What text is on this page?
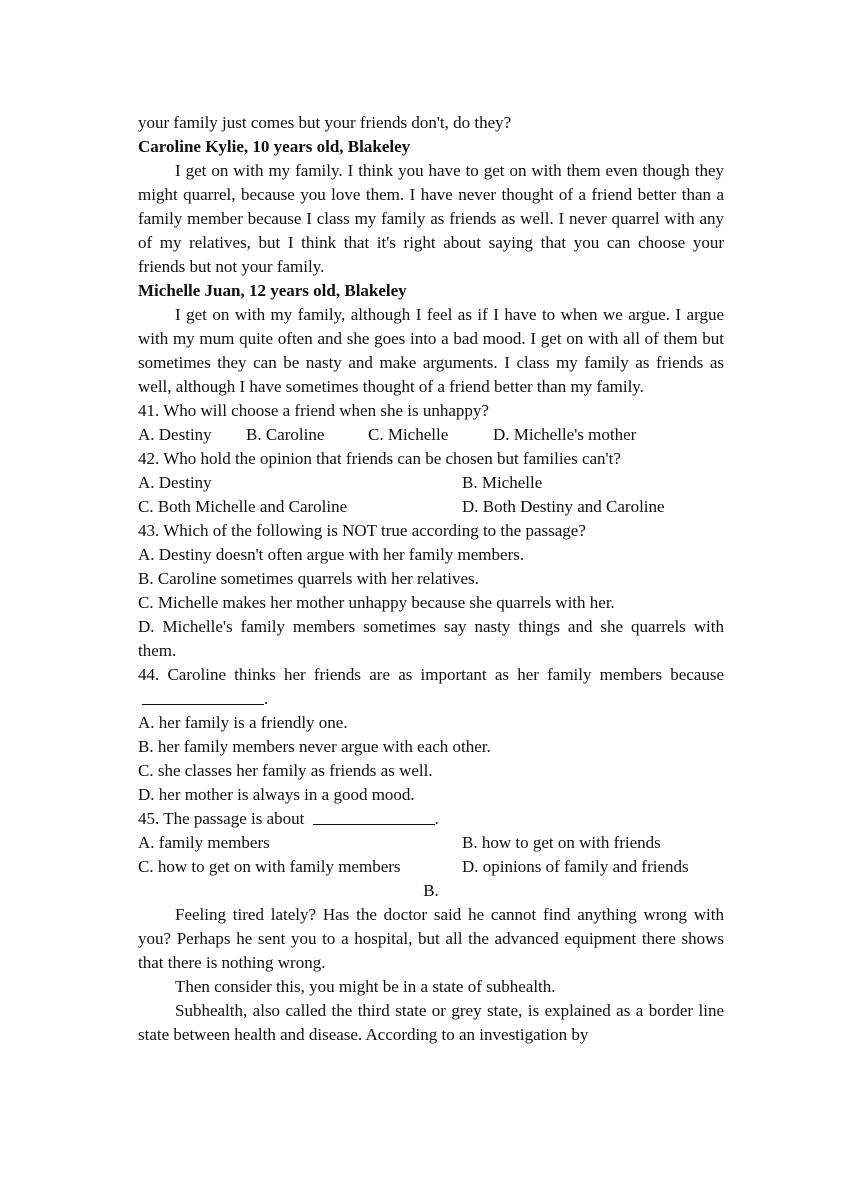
your family just comes but your friends don't, do they?
Caroline Kylie, 10 years old, Blakeley
I get on with my family. I think you have to get on with them even though they might quarrel, because you love them. I have never thought of a friend better than a family member because I class my family as friends as well. I never quarrel with any of my relatives, but I think that it's right about saying that you can choose your friends but not your family.
Michelle Juan, 12 years old, Blakeley
I get on with my family, although I feel as if I have to when we argue. I argue with my mum quite often and she goes into a bad mood. I get on with all of them but sometimes they can be nasty and make arguments. I class my family as friends as well, although I have sometimes thought of a friend better than my family.
41. Who will choose a friend when she is unhappy?
A. Destiny	B. Caroline	C. Michelle	D. Michelle's mother
42. Who hold the opinion that friends can be chosen but families can't?
A. Destiny	B. Michelle
C. Both Michelle and Caroline	D. Both Destiny and Caroline
43. Which of the following is NOT true according to the passage?
A. Destiny doesn't often argue with her family members.
B. Caroline sometimes quarrels with her relatives.
C. Michelle makes her mother unhappy because she quarrels with her.
D. Michelle's family members sometimes say nasty things and she quarrels with them.
44. Caroline thinks her friends are as important as her family members because .
A. her family is a friendly one.
B. her family members never argue with each other.
C. she classes her family as friends as well.
D. her mother is always in a good mood.
45. The passage is about	.
A. family members	B. how to get on with friends
C. how to get on with family members	D. opinions of family and friends
B.
Feeling tired lately? Has the doctor said he cannot find anything wrong with you? Perhaps he sent you to a hospital, but all the advanced equipment there shows that there is nothing wrong.
Then consider this, you might be in a state of subhealth.
Subhealth, also called the third state or grey state, is explained as a border line state between health and disease. According to an investigation by
